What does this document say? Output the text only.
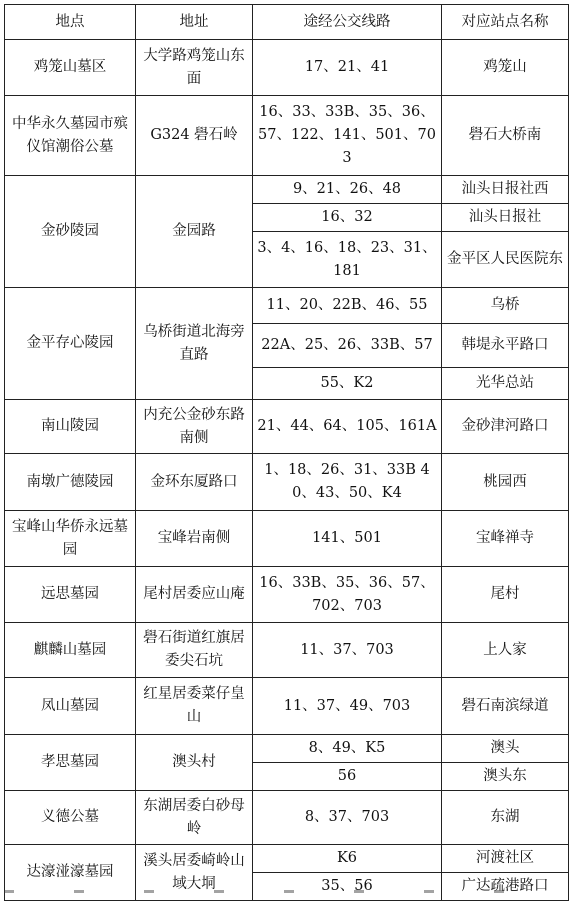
地点	地址	途经公交线路	对应站点名称
鸡笼山墓区	大学路鸡笼山东面	17、21、41	鸡笼山
中华永久墓园市殡仪馆潮俗公墓	G324 礐石岭	16、33、33B、35、36、57、122、141、501、703	礐石大桥南
金砂陵园	金园路	9、21、26、48	汕头日报社西
		16、32	汕头日报社
		3、4、16、18、23、31、181	金平区人民医院东
金平存心陵园	乌桥街道北海旁直路	11、20、22B、46、55	乌桥
		22A、25、26、33B、57	韩堤永平路口
		55、K2	光华总站
南山陵园	内充公金砂东路南侧	21、44、64、105、161A	金砂津河路口
南墩广德陵园	金环东厦路口	1、18、26、31、33B 40、43、50、K4	桃园西
宝峰山华侨永远墓园	宝峰岩南侧	141、501	宝峰禅寺
远思墓园	尾村居委应山庵	16、33B、35、36、57、702、703	尾村
麒麟山墓园	礐石街道红旗居委尖石坑	11、37、703	上人家
凤山墓园	红星居委菜仔皇山	11、37、49、703	礐石南滨绿道
孝思墓园	澳头村	8、49、K5	澳头
		56	澳头东
义德公墓	东湖居委白砂母岭	8、37、703	东湖
达濠湴濠墓园	溪头居委崎岭山域大垌	K6	河渡社区
		35、56	广达疏港路口
